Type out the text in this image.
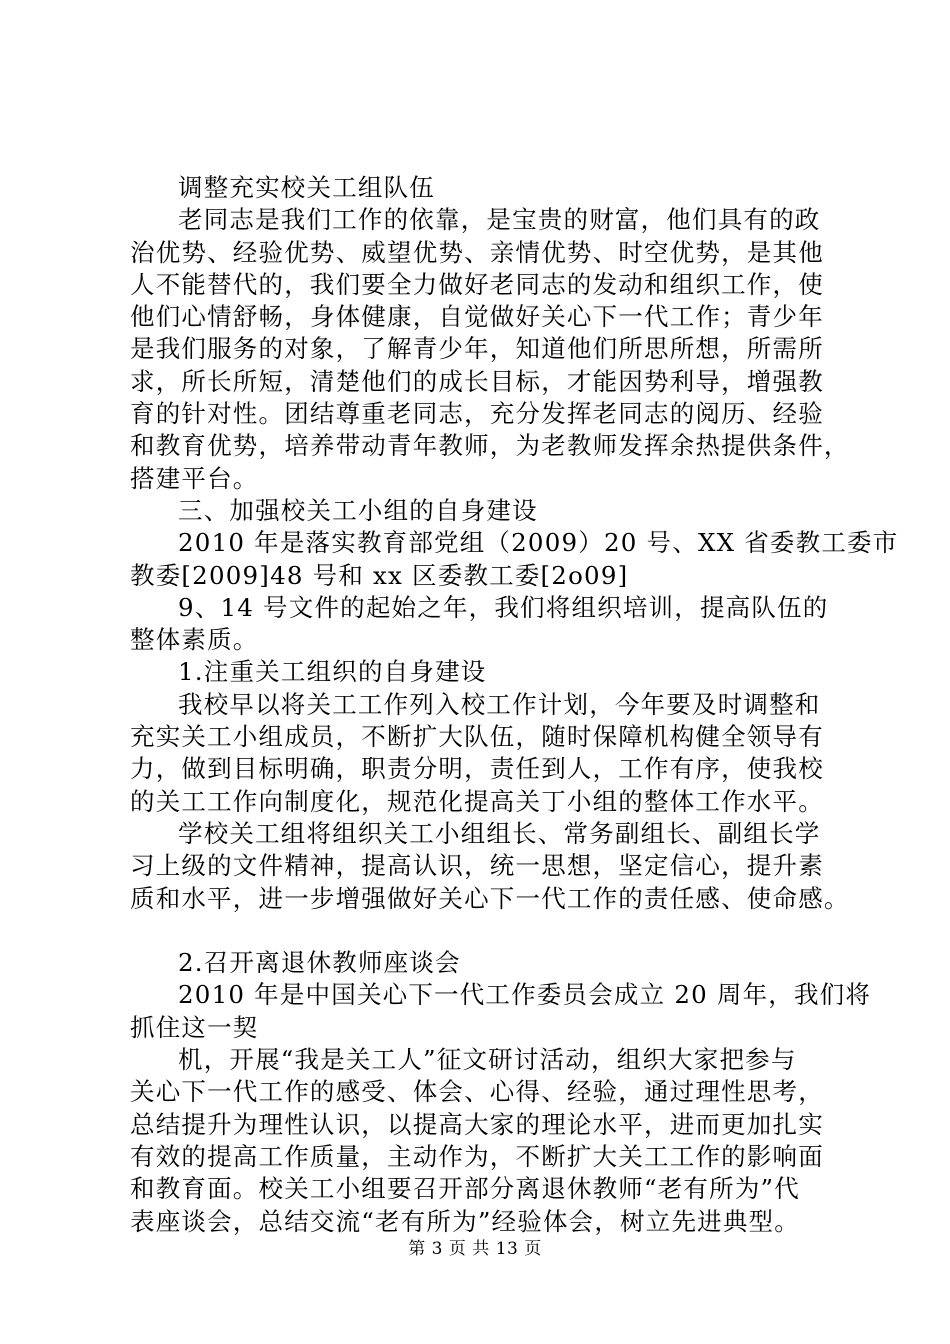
调整充实校关工组队伍
老同志是我们工作的依靠，是宝贵的财富，他们具有的政
治优势、经验优势、威望优势、亲情优势、时空优势，是其他
人不能替代的，我们要全力做好老同志的发动和组织工作，使
他们心情舒畅，身体健康，自觉做好关心下一代工作；青少年
是我们服务的对象，了解青少年，知道他们所思所想，所需所
求，所长所短，清楚他们的成长目标，才能因势利导，增强教
育的针对性。团结尊重老同志，充分发挥老同志的阅历、经验
和教育优势，培养带动青年教师，为老教师发挥余热提供条件，
搭建平台。
三、加强校关工小组的自身建设
2010 年是落实教育部党组（2009）20 号、XX 省委教工委市
教委[2009]48 号和 xx 区委教工委[2o09]
9、14 号文件的起始之年，我们将组织培训，提高队伍的
整体素质。
1.注重关工组织的自身建设
我校早以将关工工作列入校工作计划，今年要及时调整和
充实关工小组成员，不断扩大队伍，随时保障机构健全领导有
力，做到目标明确，职责分明，责任到人，工作有序，使我校
的关工工作向制度化，规范化提高关丁小组的整体工作水平。
学校关工组将组织关工小组组长、常务副组长、副组长学
习上级的文件精神，提高认识，统一思想，坚定信心，提升素
质和水平，进一步增强做好关心下一代工作的责任感、使命感。
2.召开离退休教师座谈会
2010 年是中国关心下一代工作委员会成立 20 周年，我们将
抓住这一契
机，开展“我是关工人”征文研讨活动，组织大家把参与
关心下一代工作的感受、体会、心得、经验，通过理性思考，
总结提升为理性认识，以提高大家的理论水平，进而更加扎实
有效的提高工作质量，主动作为，不断扩大关工工作的影响面
和教育面。校关工小组要召开部分离退休教师“老有所为”代
表座谈会，总结交流“老有所为”经验体会，树立先进典型。
第 3 页 共 13 页
